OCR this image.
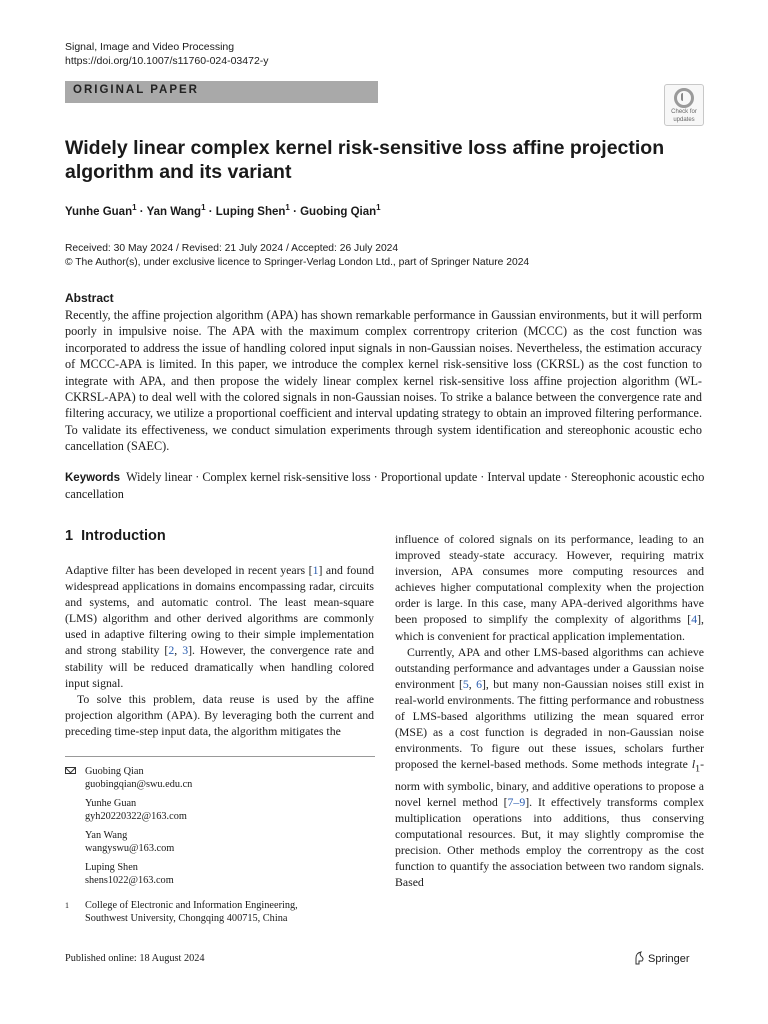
Signal, Image and Video Processing
https://doi.org/10.1007/s11760-024-03472-y
ORIGINAL PAPER
Check for
updates
Widely linear complex kernel risk-sensitive loss affine projection algorithm and its variant
Yunhe Guan$^1$ · Yan Wang$^1$ · Luping Shen$^1$ · Guobing Qian$^1$
Received: 30 May 2024 / Revised: 21 July 2024 / Accepted: 26 July 2024
© The Author(s), under exclusive licence to Springer-Verlag London Ltd., part of Springer Nature 2024
Abstract
Recently, the affine projection algorithm (APA) has shown remarkable performance in Gaussian environments, but it will perform poorly in impulsive noise. The APA with the maximum complex correntropy criterion (MCCC) as the cost function was incorporated to address the issue of handling colored input signals in non-Gaussian noises. Nevertheless, the estimation accuracy of MCCC-APA is limited. In this paper, we introduce the complex kernel risk-sensitive loss (CKRSL) as the cost function to integrate with APA, and then propose the widely linear complex kernel risk-sensitive loss affine projection algorithm (WL-CKRSL-APA) to deal well with the colored signals in non-Gaussian noises. To strike a balance between the convergence rate and filtering accuracy, we utilize a proportional coefficient and interval updating strategy to obtain an improved filtering performance. To validate its effectiveness, we conduct simulation experiments through system identification and stereophonic acoustic echo cancellation (SAEC).
Keywords Widely linear · Complex kernel risk-sensitive loss · Proportional update · Interval update · Stereophonic acoustic echo cancellation
1 Introduction

Adaptive filter has been developed in recent years [1] and found widespread applications in domains encompassing radar, circuits and systems, and automatic control. The least mean-square (LMS) algorithm and other derived algorithms are commonly used in adaptive filtering owing to their simple implementation and strong stability [2, 3]. However, the convergence rate and stability will be reduced dramatically when handling colored input signal.

To solve this problem, data reuse is used by the affine projection algorithm (APA). By leveraging both the current and preceding time-step input data, the algorithm mitigates the

influence of colored signals on its performance, leading to an improved steady-state accuracy. However, requiring matrix inversion, APA consumes more computing resources and achieves higher computational complexity when the projection order is large. In this case, many APA-derived algorithms have been proposed to simplify the complexity of algorithms [4], which is convenient for practical application implementation.

Currently, APA and other LMS-based algorithms can achieve outstanding performance and advantages under a Gaussian noise environment [5, 6], but many non-Gaussian noises still exist in real-world environments. The fitting performance and robustness of LMS-based algorithms utilizing the mean squared error (MSE) as a cost function is degraded in non-Gaussian noise environments. To figure out these issues, scholars further proposed the kernel-based methods. Some methods integrate $l_1$-norm with symbolic, binary, and additive operations to propose a novel kernel method [7–9]. It effectively transforms complex multiplication operations into additions, thus conserving computational resources. But, it may slightly compromise the precision. Other methods employ the correntropy as the cost function to quantify the association between two random signals. Based

Guobing Qian
guobingqian@swu.edu.cn
Yunhe Guan
gyh20220322@163.com
Yan Wang
wangyswu@163.com
Luping Shen
shens1022@163.com
1 College of Electronic and Information Engineering,
Southwest University, Chongqing 400715, China
Published online: 18 August 2024	Springer
